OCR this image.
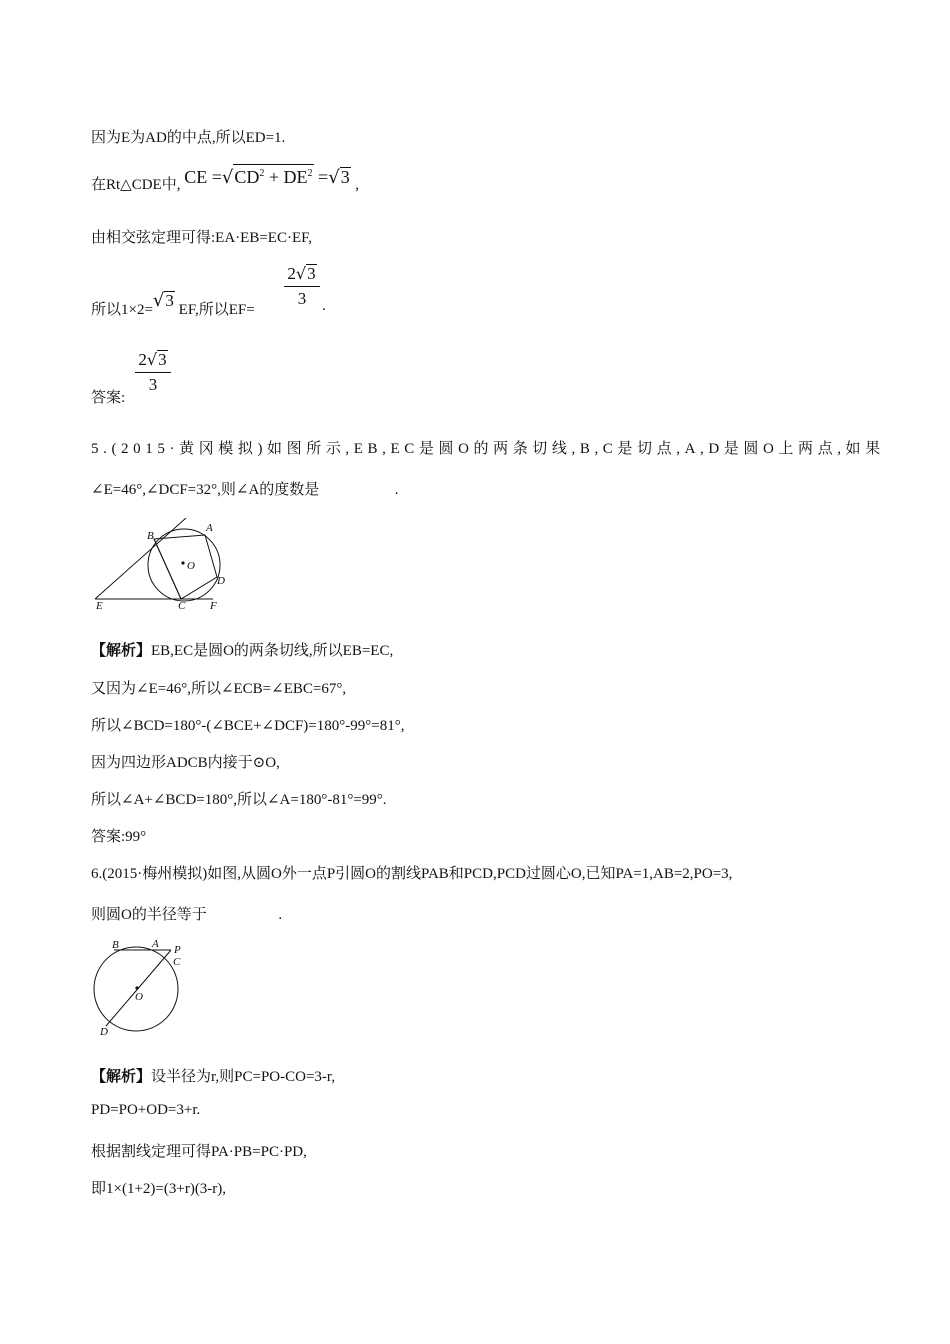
因为E为AD的中点,所以ED=1.
在Rt△CDE中, CE $=√CD^2 + DE^2 =√3$ ,
由相交弦定理可得:EA·EB=EC·EF,
所以1×2=√3 EF,所以EF=
2√3
3	.
答案:
2√3
3
5.(2015·黄冈模拟)如图所示,EB,EC是圆O的两条切线,B,C是切点,A,D是圆O上两点,如果
∠E=46°,∠DCF=32°,则∠A的度数是	.
B
A
O
D
E	C F
【解析】EB,EC是圆O的两条切线,所以EB=EC,
又因为∠E=46°,所以∠ECB=∠EBC=67°,
所以∠BCD=180°-(∠BCE+∠DCF)=180°-99°=81°,
因为四边形ADCB内接于⊙O,
所以∠A+∠BCD=180°,所以∠A=180°-81°=99°.
答案:99°
6.(2015·梅州模拟)如图,从圆O外一点P引圆O的割线PAB和PCD,PCD过圆心O,已知PA=1,AB=2,PO=3,
则圆O的半径等于	.
B	A P
C
O
D
【解析】设半径为r,则PC=PO-CO=3-r,
PD=PO+OD=3+r.
根据割线定理可得PA·PB=PC·PD,
即1×(1+2)=(3+r)(3-r),
